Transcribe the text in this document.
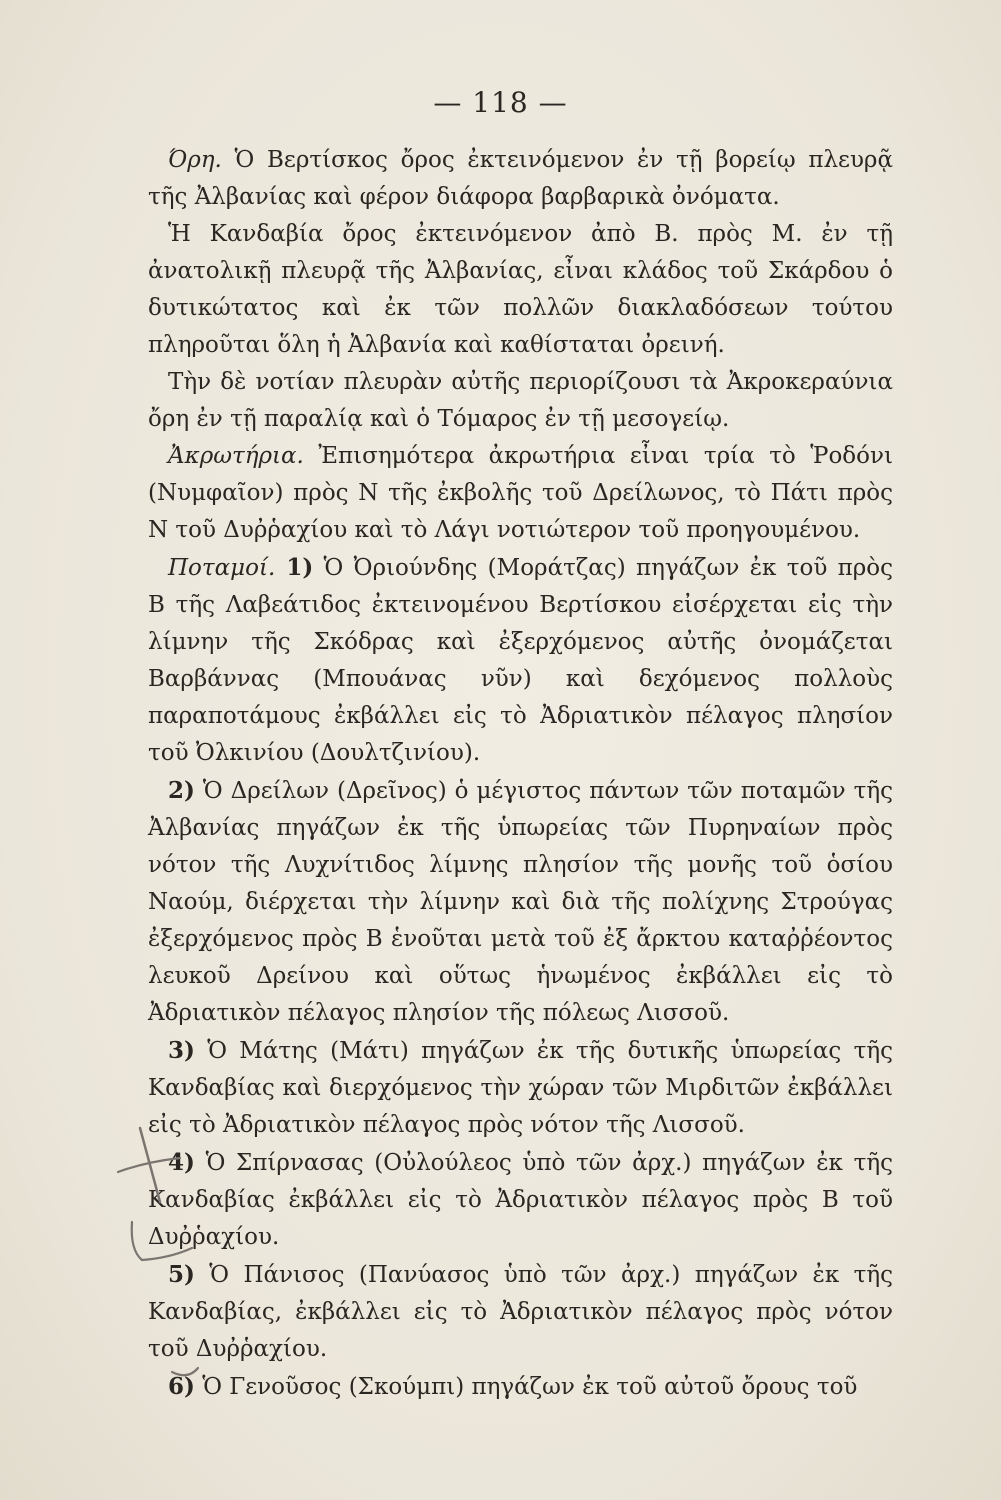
— 118 —

Όρη. Ὁ Βερτίσκος ὄρος ἐκτεινόμενον ἐν τῇ βορείῳ πλευρᾷ τῆς Ἀλβανίας καὶ φέρον διάφορα βαρβαρικὰ ὀνόματα.

Ἡ Κανδαβία ὄρος ἐκτεινόμενον ἀπὸ Β. πρὸς Μ. ἐν τῇ ἀνατολικῇ πλευρᾷ τῆς Ἀλβανίας, εἶναι κλάδος τοῦ Σκάρδου ὁ δυτικώτατος καὶ ἐκ τῶν πολλῶν διακλαδόσεων τούτου πληροῦται ὅλη ἡ Ἀλβανία καὶ καθίσταται ὀρεινή.

Τὴν δὲ νοτίαν πλευρὰν αὐτῆς περιορίζουσι τὰ Ἀκροκεραύνια ὄρη ἐν τῇ παραλίᾳ καὶ ὁ Τόμαρος ἐν τῇ μεσογείῳ.

Ἀκρωτήρια. Ἐπισημότερα ἀκρωτήρια εἶναι τρία τὸ Ῥοδόνι (Νυμφαῖον) πρὸς Ν τῆς ἐκβολῆς τοῦ Δρείλωνος, τὸ Πάτι πρὸς Ν τοῦ Δυῤῥαχίου καὶ τὸ Λάγι νοτιώτερον τοῦ προηγουμένου.

Ποταμοί. 1) Ὁ Ὀριούνδης (Μοράτζας) πηγάζων ἐκ τοῦ πρὸς Β τῆς Λαβεάτιδος ἐκτεινομένου Βερτίσκου εἰσέρχεται εἰς τὴν λίμνην τῆς Σκόδρας καὶ ἐξερχόμενος αὐτῆς ὀνομάζεται Βαρβάννας (Μπουάνας νῦν) καὶ δεχόμενος πολλοὺς παραποτάμους ἐκβάλλει εἰς τὸ Ἀδριατικὸν πέλαγος πλησίον τοῦ Ὀλκινίου (Δουλτζινίου).

2) Ὁ Δρείλων (Δρεῖνος) ὁ μέγιστος πάντων τῶν ποταμῶν τῆς Ἀλβανίας πηγάζων ἐκ τῆς ὑπωρείας τῶν Πυρηναίων πρὸς νότον τῆς Λυχνίτιδος λίμνης πλησίον τῆς μονῆς τοῦ ὁσίου Ναούμ, διέρχεται τὴν λίμνην καὶ διὰ τῆς πολίχνης Στρούγας ἐξερχόμενος πρὸς Β ἑνοῦται μετὰ τοῦ ἐξ ἄρκτου καταῤῥέοντος λευκοῦ Δρείνου καὶ οὕτως ἡνωμένος ἐκβάλλει εἰς τὸ Ἀδριατικὸν πέλαγος πλησίον τῆς πόλεως Λισσοῦ.

3) Ὁ Μάτης (Μάτι) πηγάζων ἐκ τῆς δυτικῆς ὑπωρείας τῆς Κανδαβίας καὶ διερχόμενος τὴν χώραν τῶν Μιρδιτῶν ἐκβάλλει εἰς τὸ Ἀδριατικὸν πέλαγος πρὸς νότον τῆς Λισσοῦ.

4) Ὁ Σπίρνασας (Οὐλούλεος ὑπὸ τῶν ἀρχ.) πηγάζων ἐκ τῆς Κανδαβίας ἐκβάλλει εἰς τὸ Ἀδριατικὸν πέλαγος πρὸς Β τοῦ Δυῤῥαχίου.

5) Ὁ Πάνισος (Πανύασος ὑπὸ τῶν ἀρχ.) πηγάζων ἐκ τῆς Κανδαβίας, ἐκβάλλει εἰς τὸ Ἀδριατικὸν πέλαγος πρὸς νότον τοῦ Δυῤῥαχίου.

6) Ὁ Γενοῦσος (Σκούμπι) πηγάζων ἐκ τοῦ αὐτοῦ ὄρους τοῦ
